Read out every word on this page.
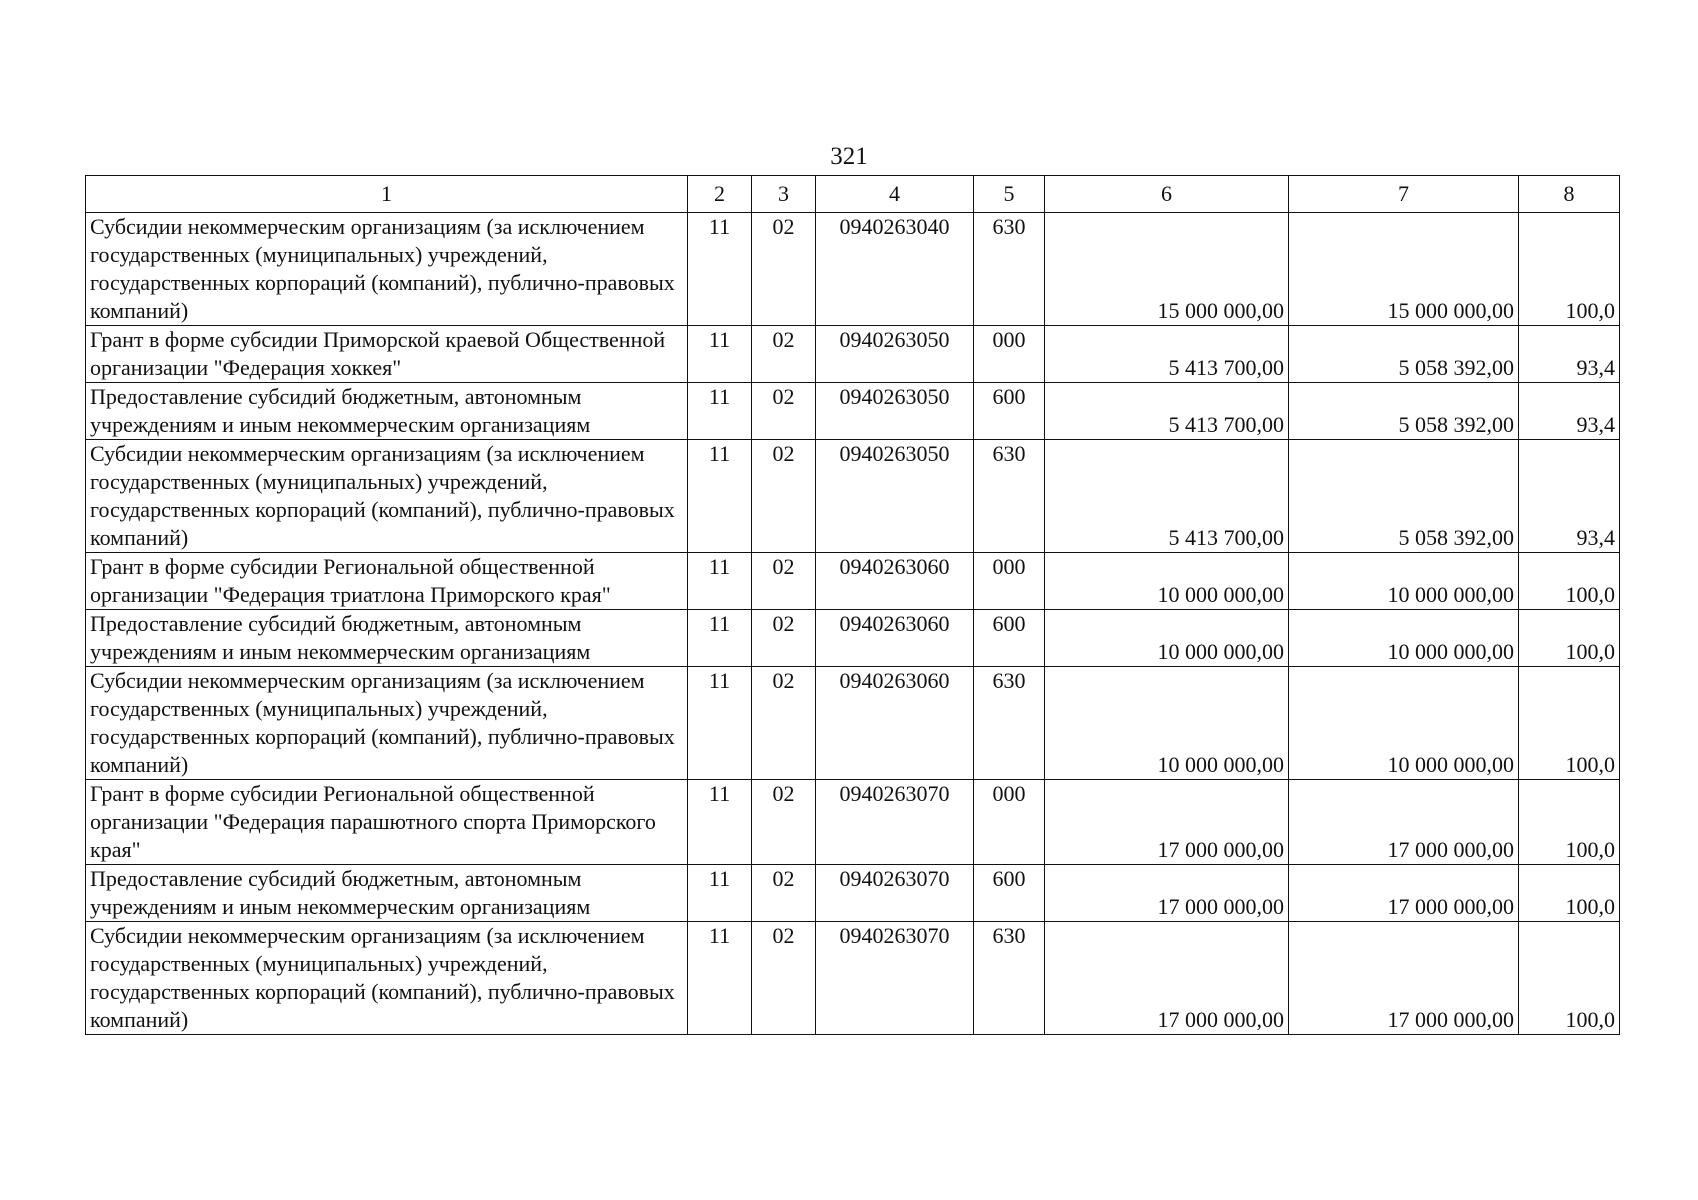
321
1	2	3	4	5	6	7	8
Субсидии некоммерческим организациям (за исключением государственных (муниципальных) учреждений, государственных корпораций (компаний), публично-правовых компаний)	11	02	0940263040	630	15 000 000,00	15 000 000,00	100,0
Грант в форме субсидии Приморской краевой Общественной организации "Федерация хоккея"	11	02	0940263050	000	5 413 700,00	5 058 392,00	93,4
Предоставление субсидий бюджетным, автономным учреждениям и иным некоммерческим организациям	11	02	0940263050	600	5 413 700,00	5 058 392,00	93,4
Субсидии некоммерческим организациям (за исключением государственных (муниципальных) учреждений, государственных корпораций (компаний), публично-правовых компаний)	11	02	0940263050	630	5 413 700,00	5 058 392,00	93,4
Грант в форме субсидии Региональной общественной организации "Федерация триатлона Приморского края"	11	02	0940263060	000	10 000 000,00	10 000 000,00	100,0
Предоставление субсидий бюджетным, автономным учреждениям и иным некоммерческим организациям	11	02	0940263060	600	10 000 000,00	10 000 000,00	100,0
Субсидии некоммерческим организациям (за исключением государственных (муниципальных) учреждений, государственных корпораций (компаний), публично-правовых компаний)	11	02	0940263060	630	10 000 000,00	10 000 000,00	100,0
Грант в форме субсидии Региональной общественной организации "Федерация парашютного спорта Приморского края"	11	02	0940263070	000	17 000 000,00	17 000 000,00	100,0
Предоставление субсидий бюджетным, автономным учреждениям и иным некоммерческим организациям	11	02	0940263070	600	17 000 000,00	17 000 000,00	100,0
Субсидии некоммерческим организациям (за исключением государственных (муниципальных) учреждений, государственных корпораций (компаний), публично-правовых компаний)	11	02	0940263070	630	17 000 000,00	17 000 000,00	100,0
